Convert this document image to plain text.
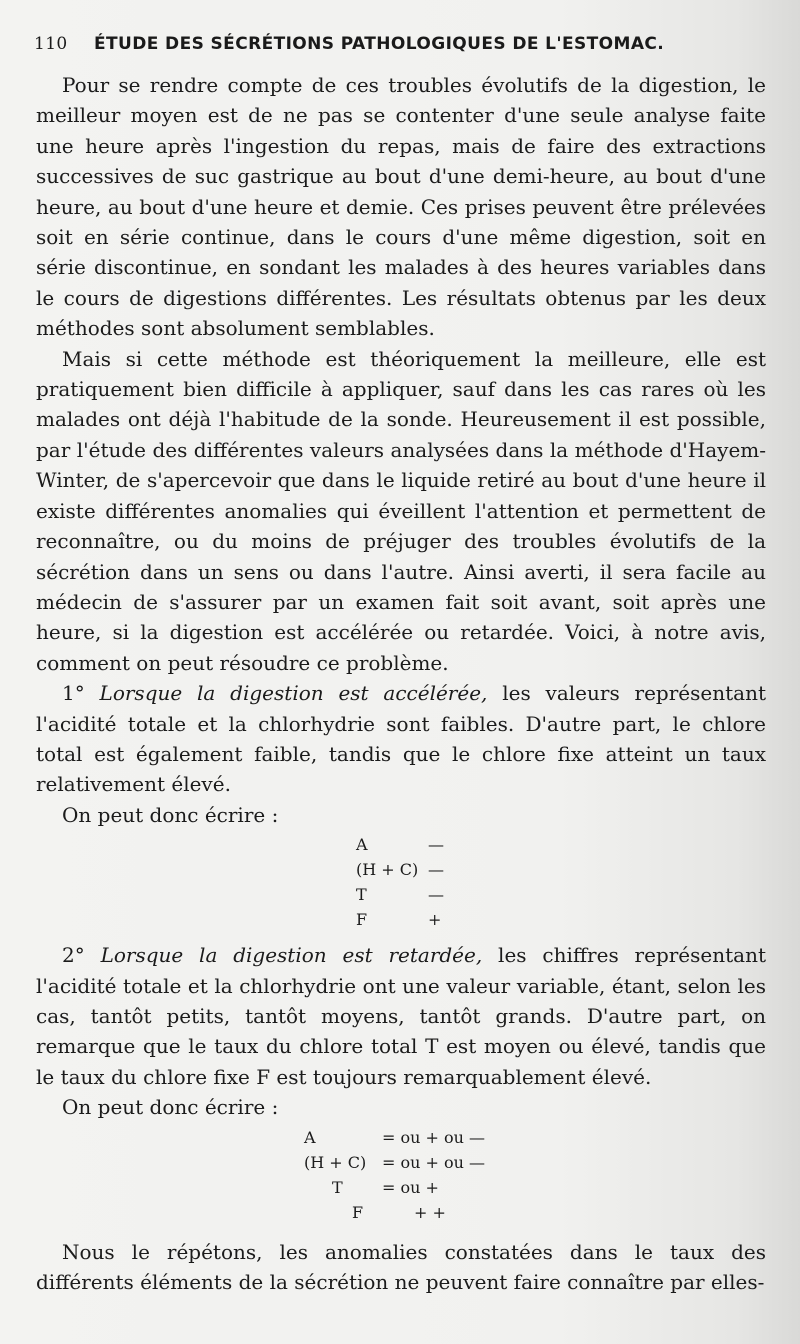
110 ÉTUDE DES SÉCRÉTIONS PATHOLOGIQUES DE L'ESTOMAC.

Pour se rendre compte de ces troubles évolutifs de la digestion, le meilleur moyen est de ne pas se contenter d'une seule analyse faite une heure après l'ingestion du repas, mais de faire des extractions successives de suc gastrique au bout d'une demi-heure, au bout d'une heure, au bout d'une heure et demie. Ces prises peuvent être prélevées soit en série continue, dans le cours d'une même digestion, soit en série discontinue, en sondant les malades à des heures variables dans le cours de digestions différentes. Les résultats obtenus par les deux méthodes sont absolument semblables.

Mais si cette méthode est théoriquement la meilleure, elle est pratiquement bien difficile à appliquer, sauf dans les cas rares où les malades ont déjà l'habitude de la sonde. Heureusement il est possible, par l'étude des différentes valeurs analysées dans la méthode d'Hayem-Winter, de s'apercevoir que dans le liquide retiré au bout d'une heure il existe différentes anomalies qui éveillent l'attention et permettent de reconnaître, ou du moins de préjuger des troubles évolutifs de la sécrétion dans un sens ou dans l'autre. Ainsi averti, il sera facile au médecin de s'assurer par un examen fait soit avant, soit après une heure, si la digestion est accélérée ou retardée. Voici, à notre avis, comment on peut résoudre ce problème.

1° Lorsque la digestion est accélérée, les valeurs représentant l'acidité totale et la chlorhydrie sont faibles. D'autre part, le chlore total est également faible, tandis que le chlore fixe atteint un taux relativement élevé.

On peut donc écrire :

A	—
(H + C) —
T	—
F	+

2° Lorsque la digestion est retardée, les chiffres représentant l'acidité totale et la chlorhydrie ont une valeur variable, étant, selon les cas, tantôt petits, tantôt moyens, tantôt grands. D'autre part, on remarque que le taux du chlore total T est moyen ou élevé, tandis que le taux du chlore fixe F est toujours remarquablement élevé.

On peut donc écrire :

A	= ou + ou —
(H + C) = ou + ou —
T = ou +
F	+ +

Nous le répétons, les anomalies constatées dans le taux des différents éléments de la sécrétion ne peuvent faire connaître par elles-
